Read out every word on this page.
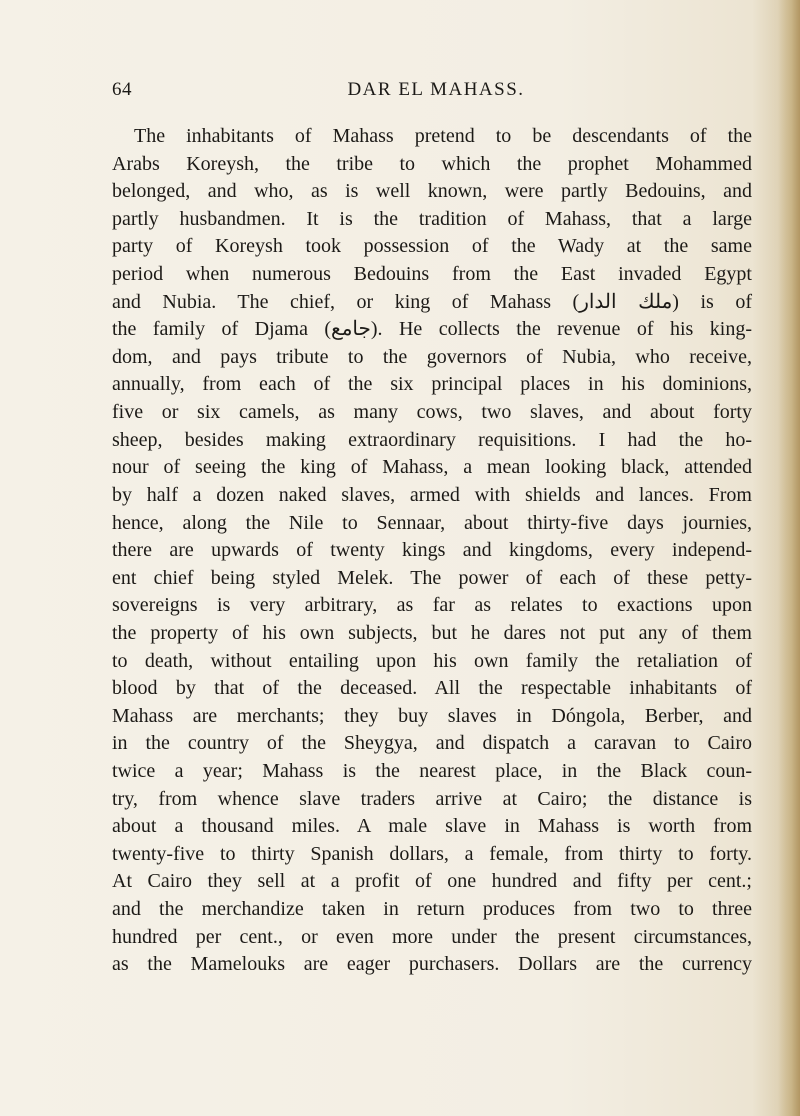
64	DAR EL MAHASS.
The inhabitants of Mahass pretend to be descendants of the
Arabs Koreysh, the tribe to which the prophet Mohammed
belonged, and who, as is well known, were partly Bedouins, and
partly husbandmen. It is the tradition of Mahass, that a large
party of Koreysh took possession of the Wady at the same
period when numerous Bedouins from the East invaded Egypt
and Nubia. The chief, or king of Mahass (ملك الدار) is of
the family of Djama (جامع). He collects the revenue of his king-
dom, and pays tribute to the governors of Nubia, who receive,
annually, from each of the six principal places in his dominions,
five or six camels, as many cows, two slaves, and about forty
sheep, besides making extraordinary requisitions. I had the ho-
nour of seeing the king of Mahass, a mean looking black, attended
by half a dozen naked slaves, armed with shields and lances. From
hence, along the Nile to Sennaar, about thirty-five days journies,
there are upwards of twenty kings and kingdoms, every independ-
ent chief being styled Melek. The power of each of these petty-
sovereigns is very arbitrary, as far as relates to exactions upon
the property of his own subjects, but he dares not put any of them
to death, without entailing upon his own family the retaliation of
blood by that of the deceased. All the respectable inhabitants of
Mahass are merchants; they buy slaves in Dóngola, Berber, and
in the country of the Sheygya, and dispatch a caravan to Cairo
twice a year; Mahass is the nearest place, in the Black coun-
try, from whence slave traders arrive at Cairo; the distance is
about a thousand miles. A male slave in Mahass is worth from
twenty-five to thirty Spanish dollars, a female, from thirty to forty.
At Cairo they sell at a profit of one hundred and fifty per cent.;
and the merchandize taken in return produces from two to three
hundred per cent., or even more under the present circumstances,
as the Mamelouks are eager purchasers. Dollars are the currency
